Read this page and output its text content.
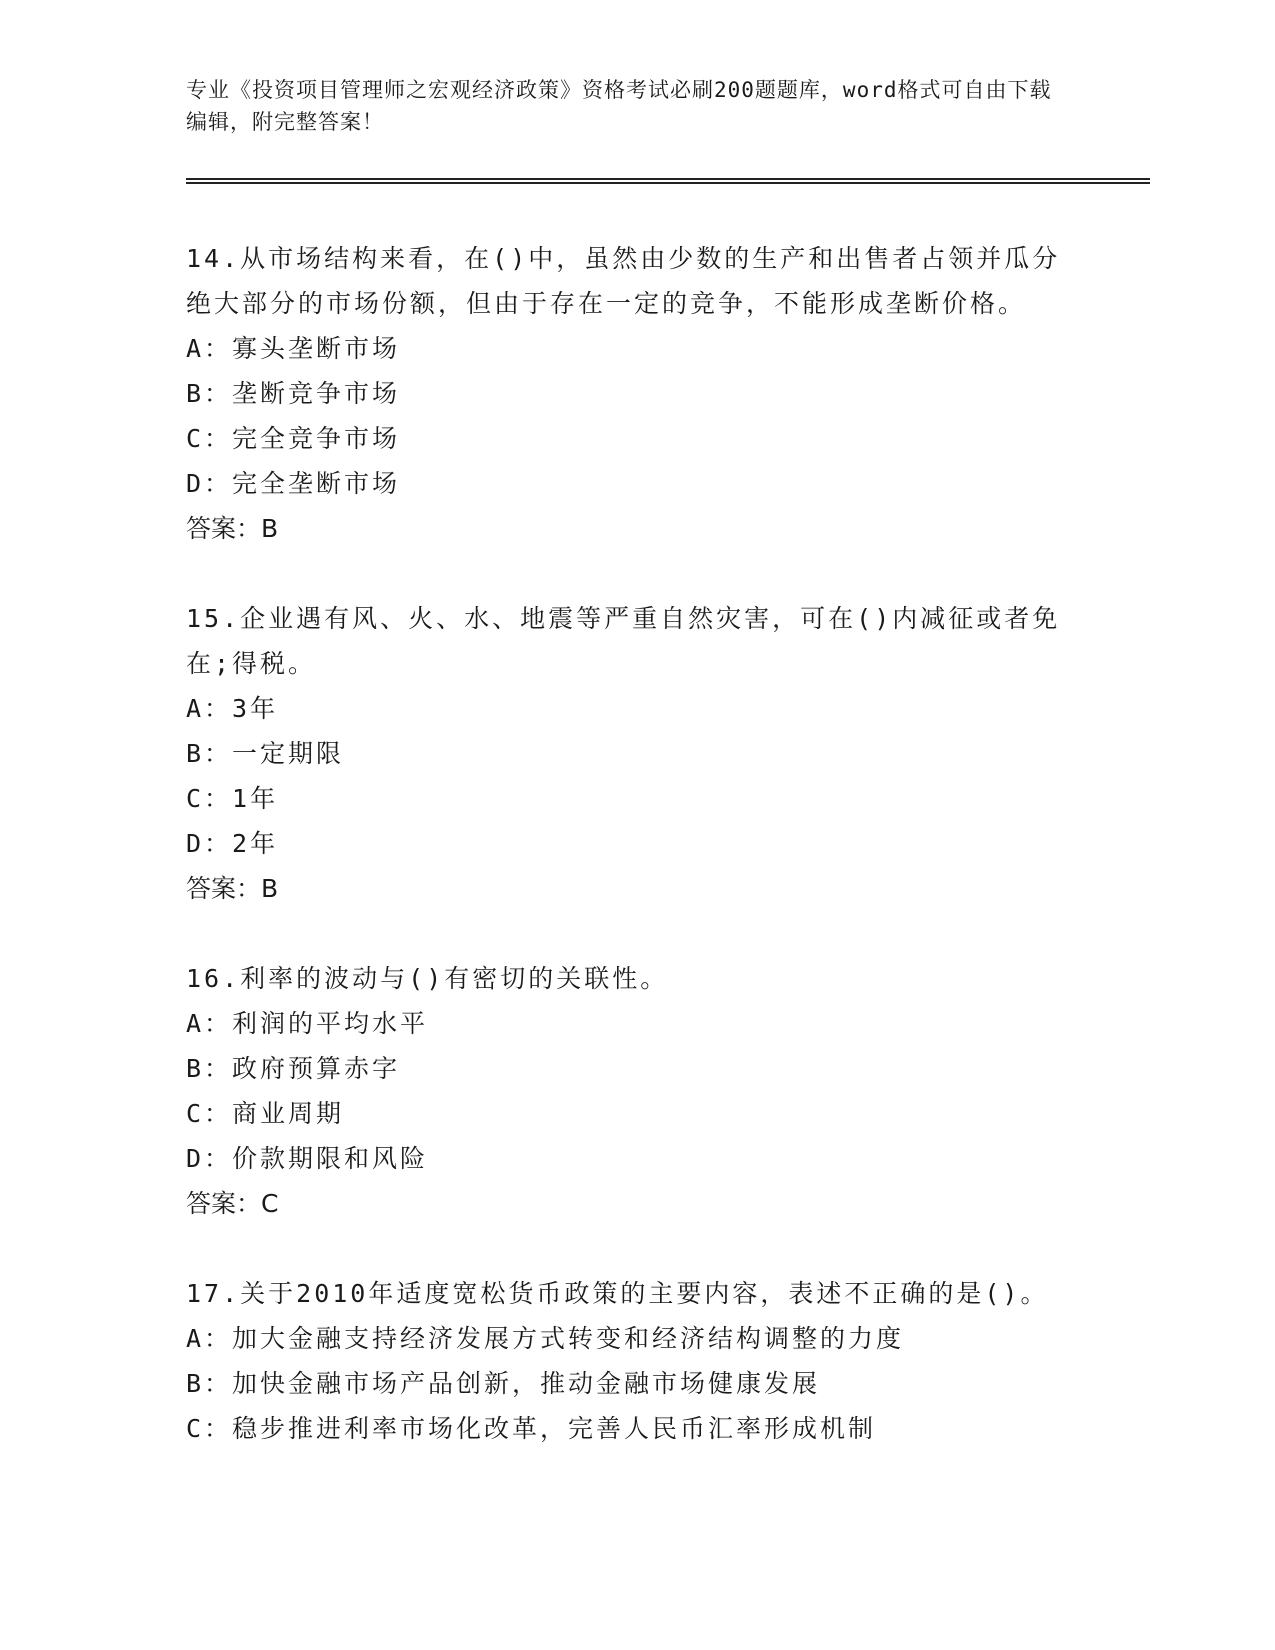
专业《投资项目管理师之宏观经济政策》资格考试必刷200题题库，word格式可自由下载编辑，附完整答案！

14.从市场结构来看，在()中，虽然由少数的生产和出售者占领并瓜分绝大部分的市场份额，但由于存在一定的竞争，不能形成垄断价格。

A：寡头垄断市场

B：垄断竞争市场

C：完全竞争市场

D：完全垄断市场

答案：B

15.企业遇有风、火、水、地震等严重自然灾害，可在()内减征或者免在;得税。

A：3年

B：一定期限

C：1年

D：2年

答案：B

16.利率的波动与()有密切的关联性。

A：利润的平均水平

B：政府预算赤字

C：商业周期

D：价款期限和风险

答案：C

17.关于2010年适度宽松货币政策的主要内容，表述不正确的是()。

A：加大金融支持经济发展方式转变和经济结构调整的力度

B：加快金融市场产品创新，推动金融市场健康发展

C：稳步推进利率市场化改革，完善人民币汇率形成机制
